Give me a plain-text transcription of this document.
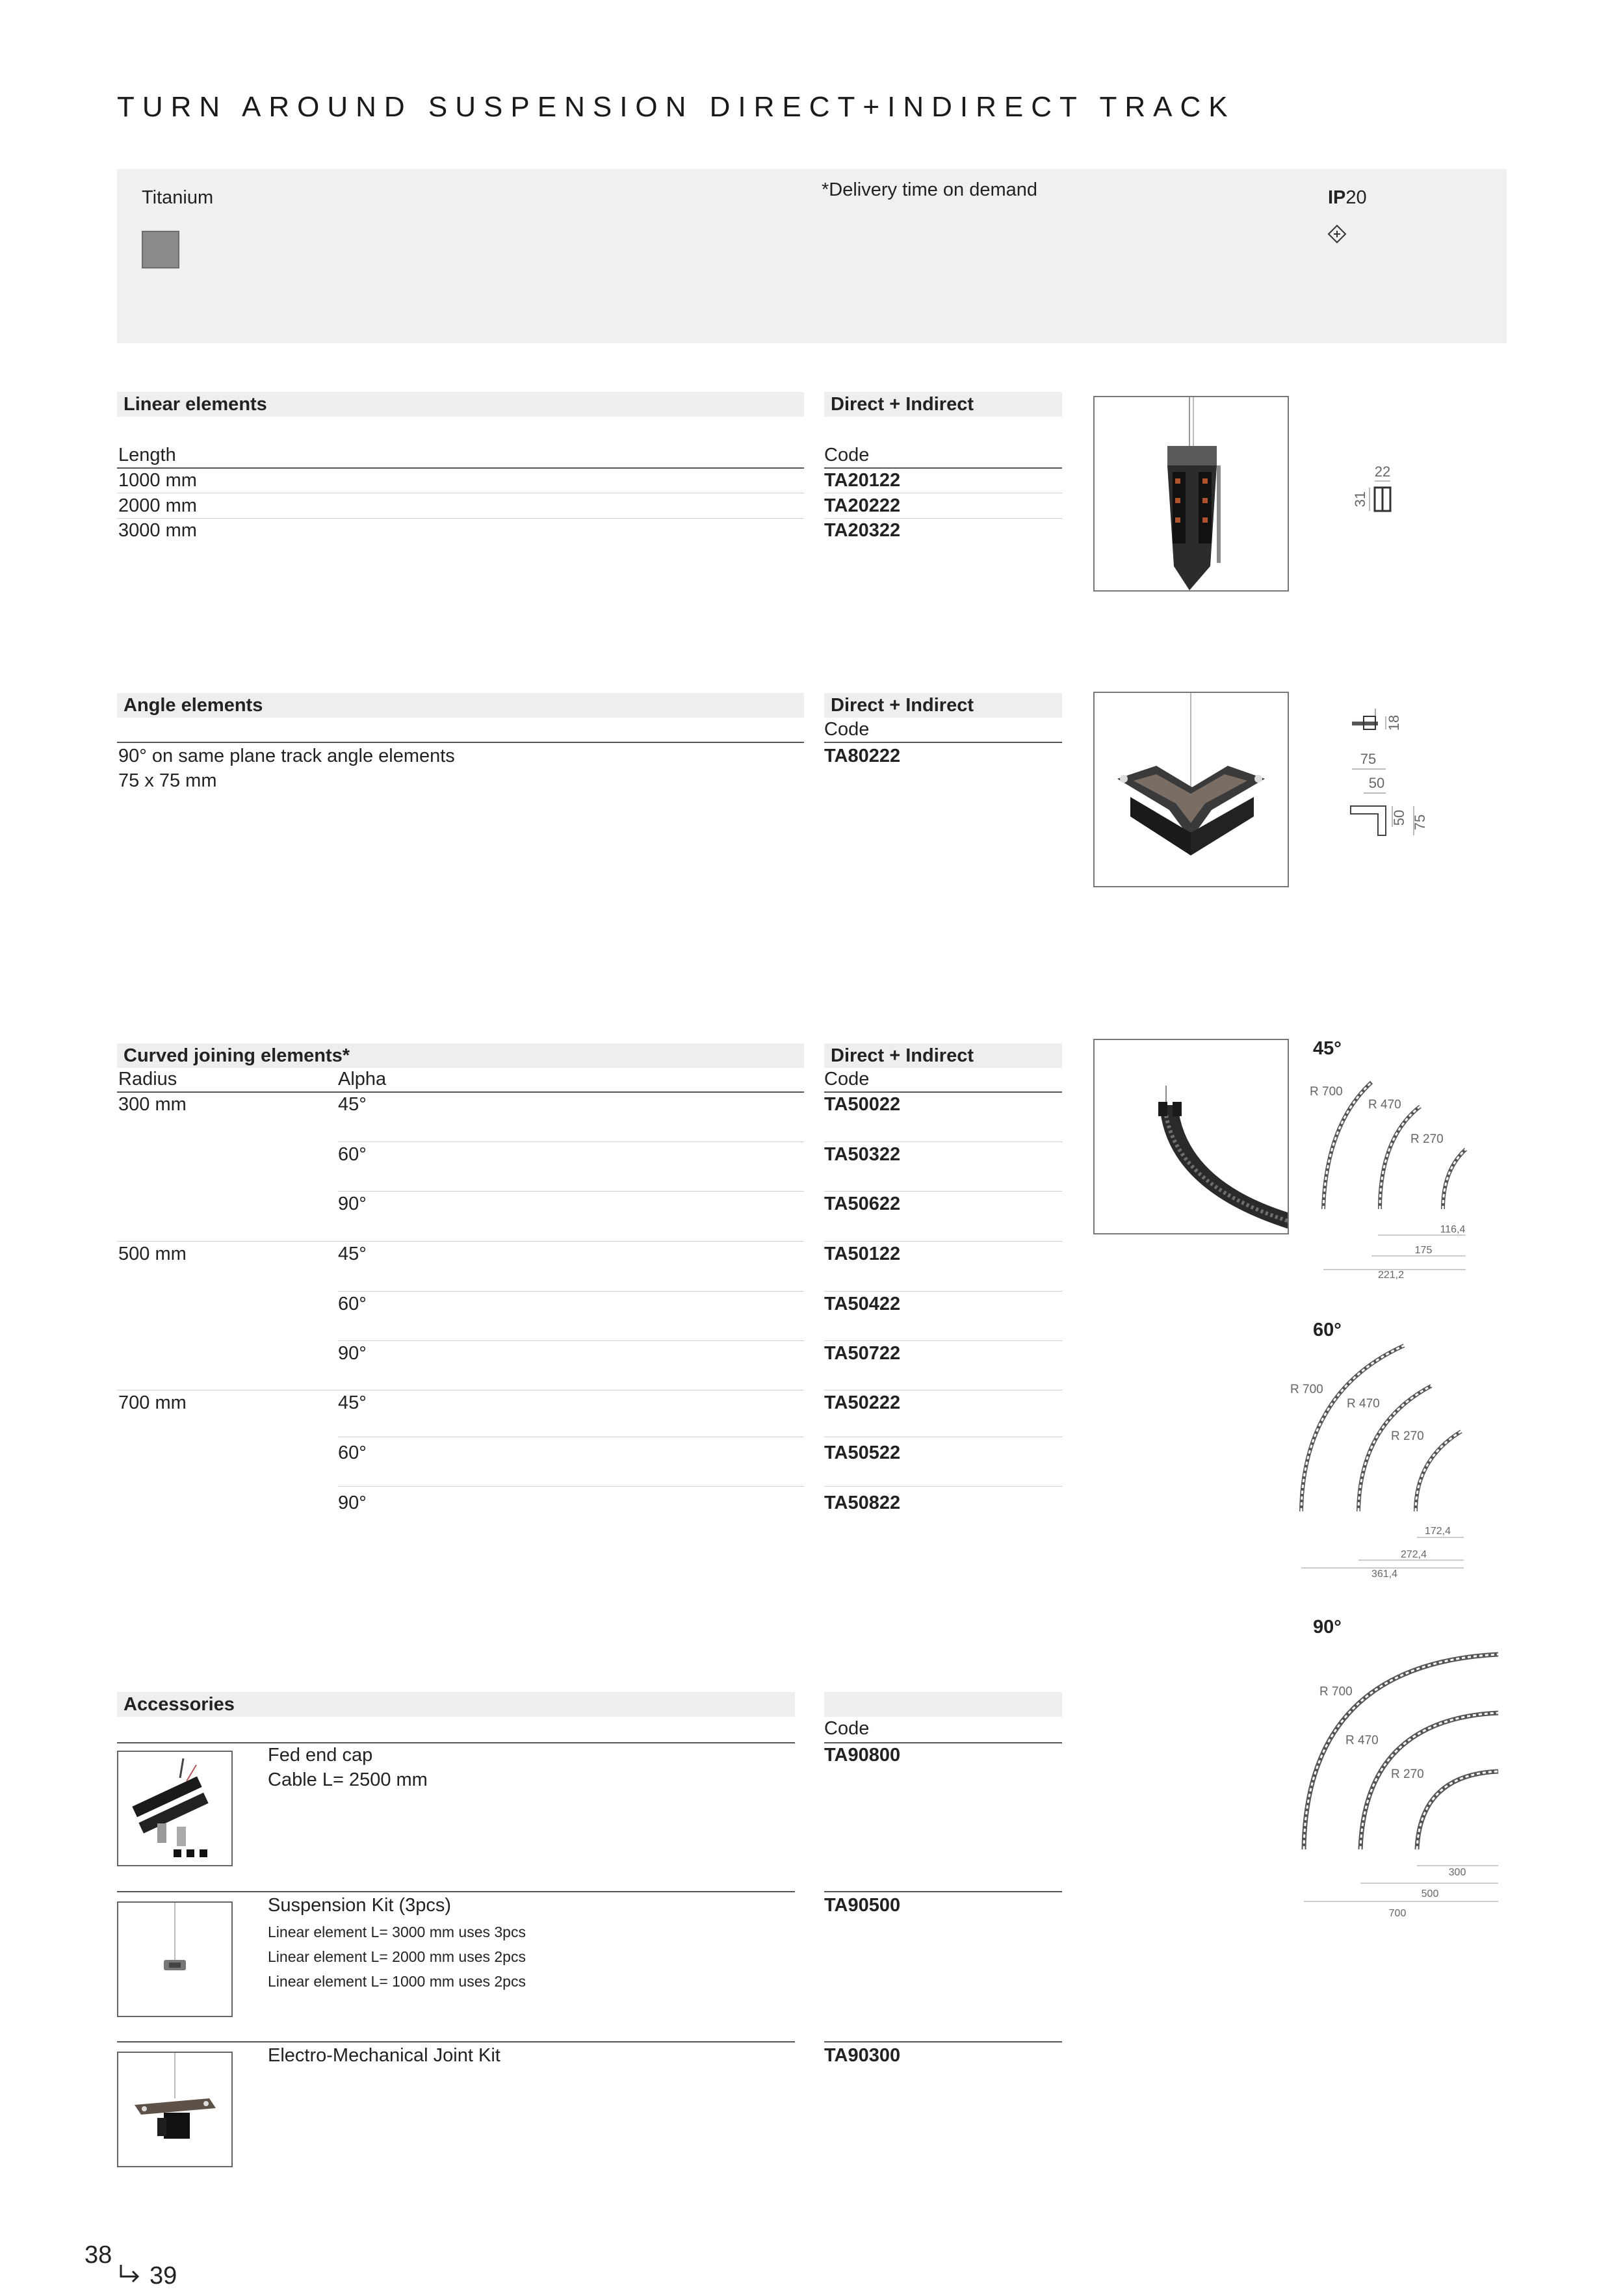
TURN AROUND SUSPENSION DIRECT+INDIRECT TRACK
Titanium	*Delivery time on demand	IP20
Linear elements	Direct + Indirect
Length	Code
1000 mm	TA20122
2000 mm	TA20222
3000 mm	TA20322
22
31
Angle elements	Direct + Indirect
Code
90° on same plane track angle elements
75 x 75 mm
TA80222
18
75
50
50 75
Curved joining elements*	Direct + Indirect
Radius	Alpha	Code
300 mm	45°	TA50022
60°	TA50322
90°	TA50622
500 mm	45°	TA50122
60°	TA50422
90°	TA50722
700 mm	45°	TA50222
60°	TA50522
90°	TA50822
45°
R 700
R 470
R 270
116,4
175
221,2
60°
R 700
R 470
R 270
172,4
272,4
361,4
90°
R 700
R 470
R 270
300
500
700
Accessories
Code
Fed end cap
Cable L= 2500 mm
TA90800
Suspension Kit (3pcs)
Linear element L= 3000 mm uses 3pcs
Linear element L= 2000 mm uses 2pcs
Linear element L= 1000 mm uses 2pcs
TA90500
Electro-Mechanical Joint Kit	TA90300
38
39
